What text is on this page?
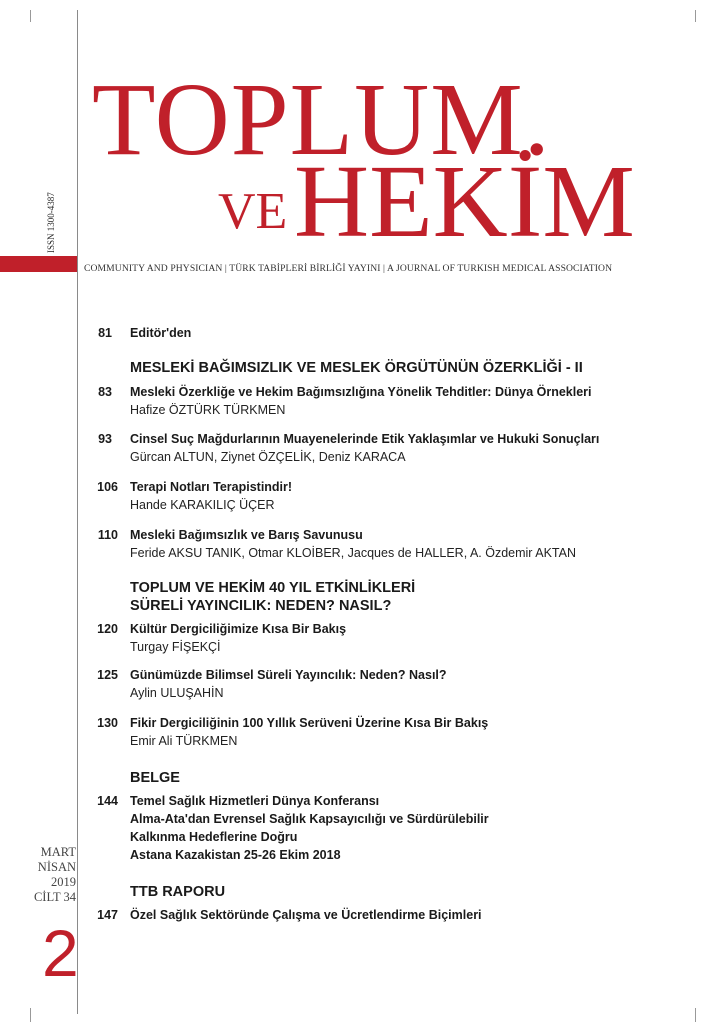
TOPLUM.
VE HEKİM
COMMUNITY AND PHYSICIAN | TÜRK TABİPLERİ BİRLİĞİ YAYINI | A JOURNAL OF TURKISH MEDICAL ASSOCIATION
ISSN 1300-4387
81 Editör'den
MESLEKİ BAĞIMSIZLIK VE MESLEK ÖRGÜTÜNÜN ÖZERKLİĞİ - II
83 Mesleki Özerkliğe ve Hekim Bağımsızlığına Yönelik Tehditler: Dünya Örnekleri
Hafize ÖZTÜRK TÜRKMEN
93 Cinsel Suç Mağdurlarının Muayenelerinde Etik Yaklaşımlar ve Hukuki Sonuçları
Gürcan ALTUN, Ziynet ÖZÇELİK, Deniz KARACA
106 Terapi Notları Terapistindir!
Hande KARAKILIÇ ÜÇER
110 Mesleki Bağımsızlık ve Barış Savunusu
Feride AKSU TANIK, Otmar KLOİBER, Jacques de HALLER, A. Özdemir AKTAN
TOPLUM VE HEKİM 40 YIL ETKİNLİKLERİ
SÜRELİ YAYINCILIK: NEDEN? NASIL?
120 Kültür Dergiciliğimize Kısa Bir Bakış
Turgay FİŞEKÇİ
125 Günümüzde Bilimsel Süreli Yayıncılık: Neden? Nasıl?
Aylin ULUŞAHİN
130 Fikir Dergiciliğinin 100 Yıllık Serüveni Üzerine Kısa Bir Bakış
Emir Ali TÜRKMEN
BELGE
144 Temel Sağlık Hizmetleri Dünya Konferansı
Alma-Ata'dan Evrensel Sağlık Kapsayıcılığı ve Sürdürülebilir
Kalkınma Hedeflerine Doğru
Astana Kazakistan 25-26 Ekim 2018
TTB RAPORU
147 Özel Sağlık Sektöründe Çalışma ve Ücretlendirme Biçimleri
MART
NİSAN
2019
CİLT 34
2
